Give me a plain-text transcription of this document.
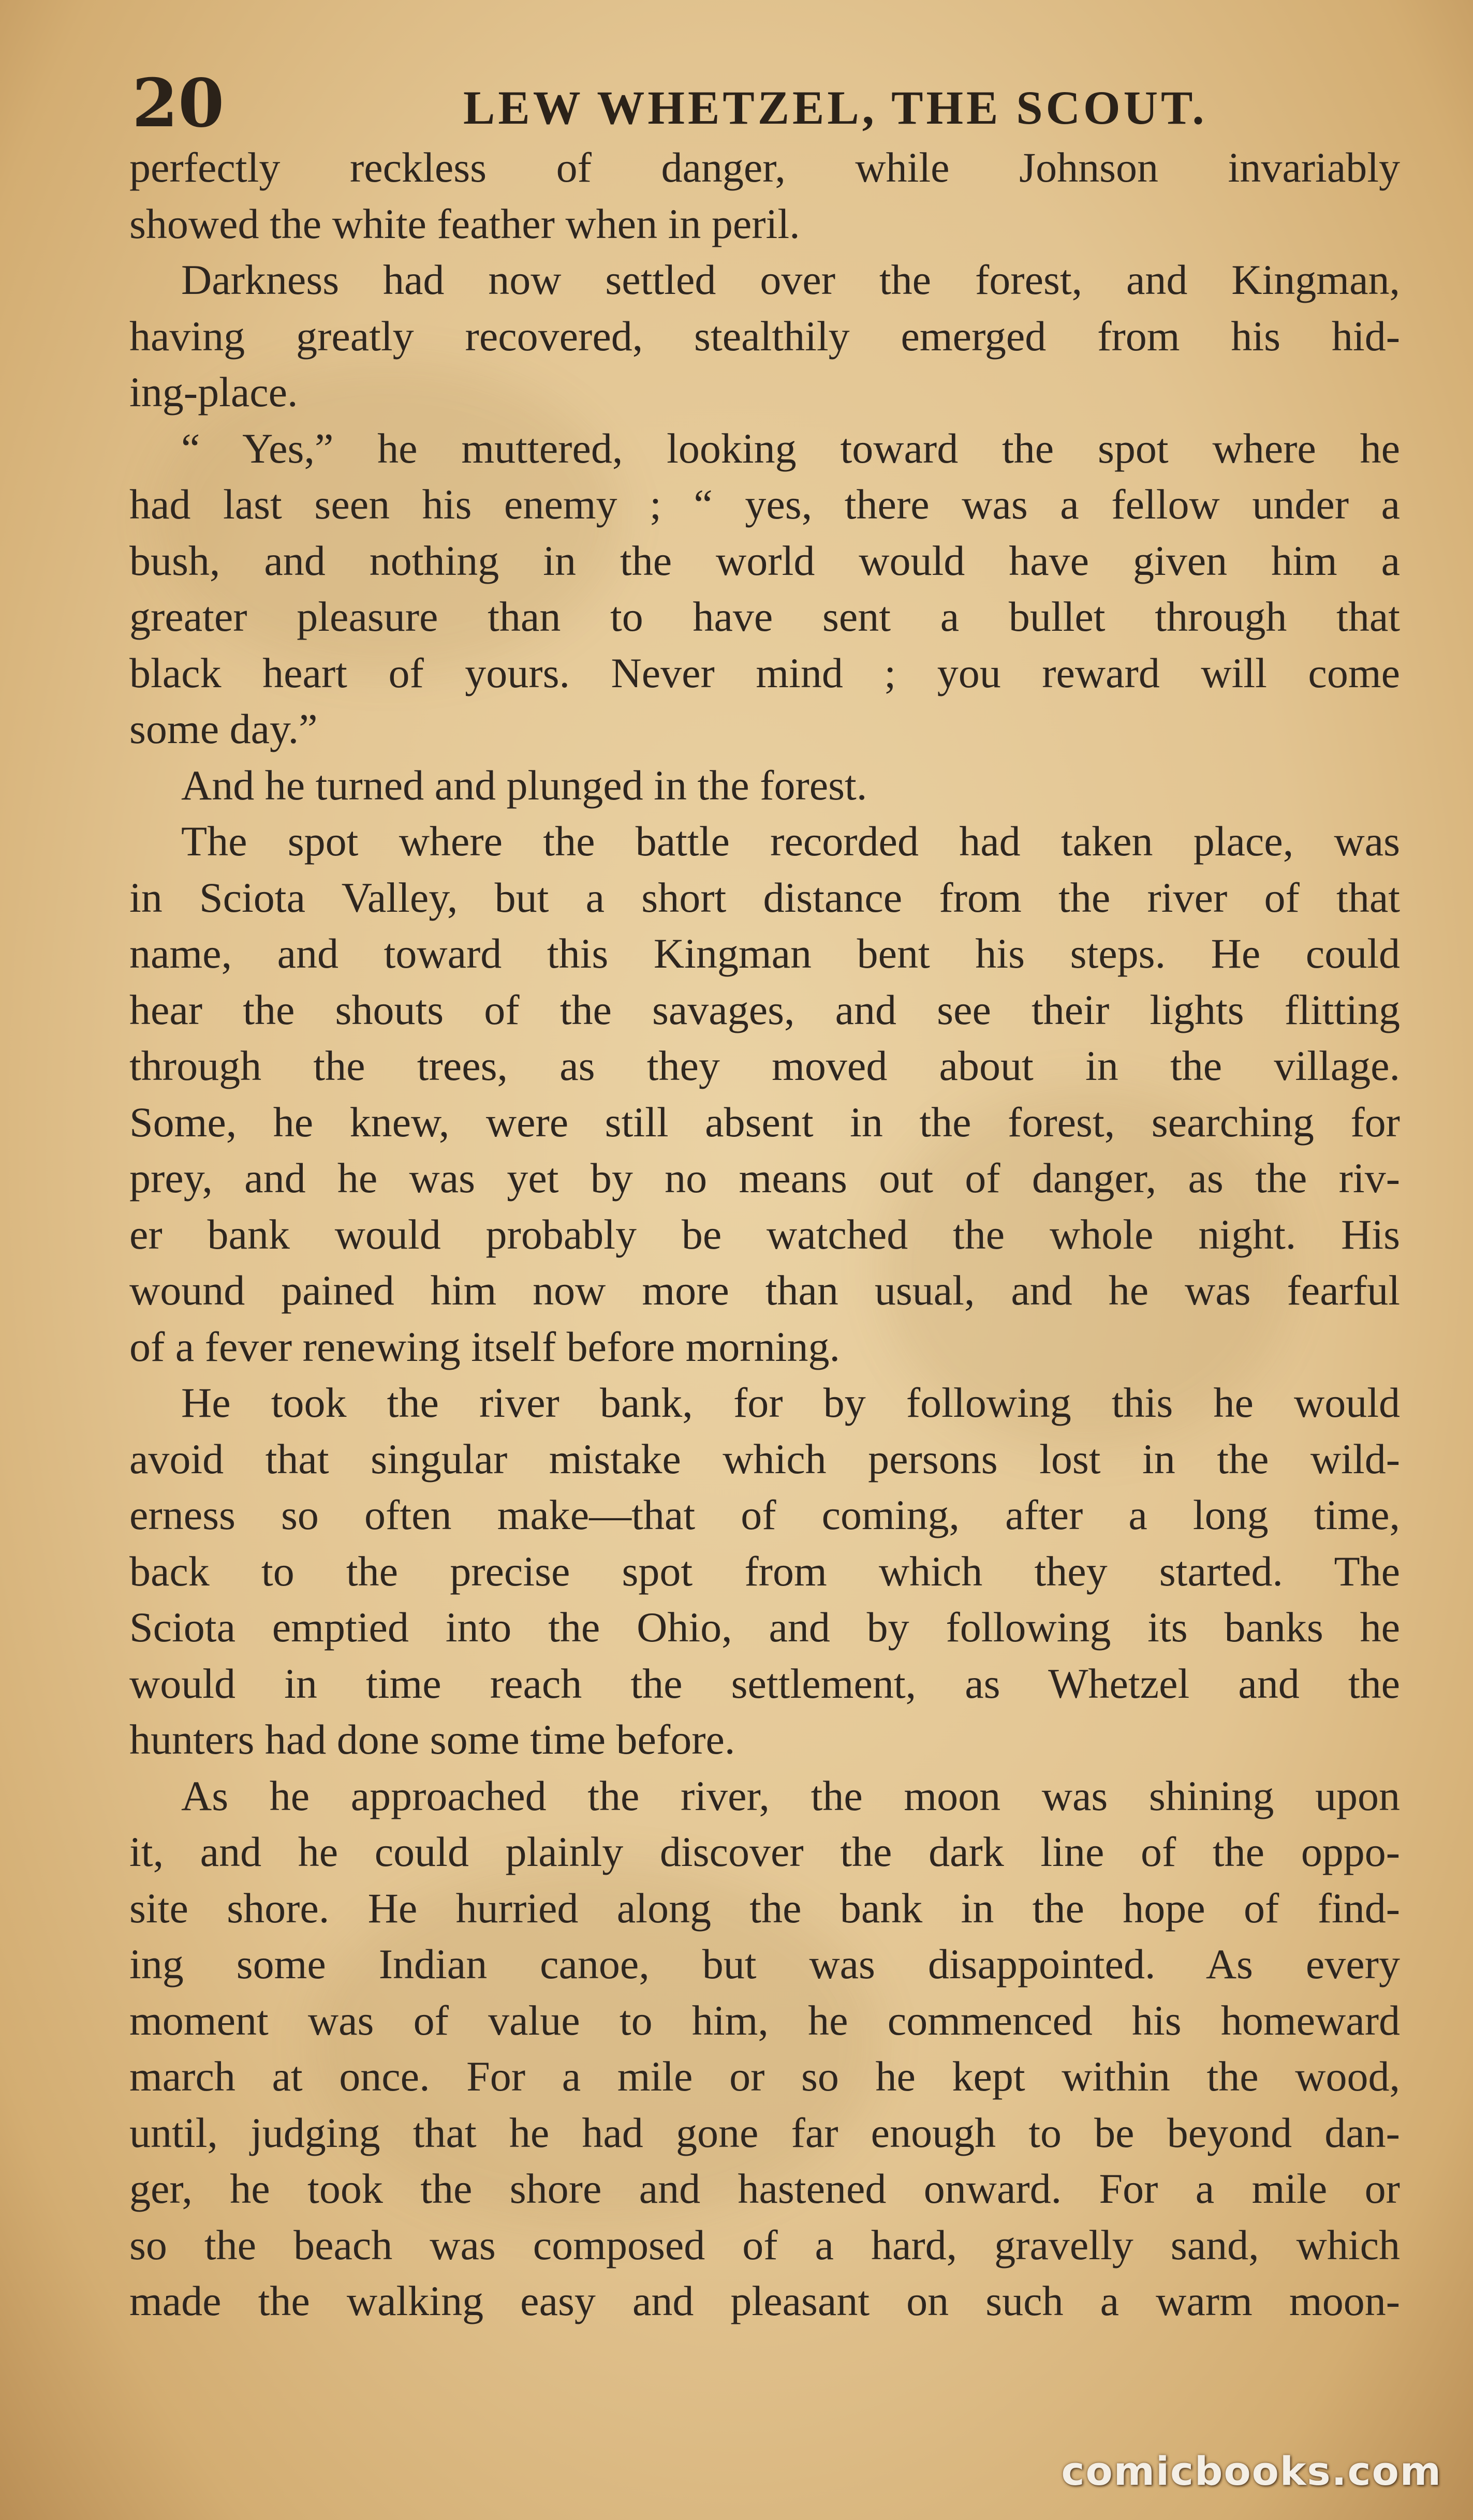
20	LEW WHETZEL, THE SCOUT.
perfectly reckless of danger, while Johnson invariably
showed the white feather when in peril.
Darkness had now settled over the forest, and Kingman,
having greatly recovered, stealthily emerged from his hid-
ing-place.
“ Yes,” he muttered, looking toward the spot where he
had last seen his enemy ; “ yes, there was a fellow under a
bush, and nothing in the world would have given him a
greater pleasure than to have sent a bullet through that
black heart of yours. Never mind ; you reward will come
some day.”
And he turned and plunged in the forest.
The spot where the battle recorded had taken place, was
in Sciota Valley, but a short distance from the river of that
name, and toward this Kingman bent his steps. He could
hear the shouts of the savages, and see their lights flitting
through the trees, as they moved about in the village.
Some, he knew, were still absent in the forest, searching for
prey, and he was yet by no means out of danger, as the riv-
er bank would probably be watched the whole night. His
wound pained him now more than usual, and he was fearful
of a fever renewing itself before morning.
He took the river bank, for by following this he would
avoid that singular mistake which persons lost in the wild-
erness so often make—that of coming, after a long time,
back to the precise spot from which they started. The
Sciota emptied into the Ohio, and by following its banks he
would in time reach the settlement, as Whetzel and the
hunters had done some time before.
As he approached the river, the moon was shining upon
it, and he could plainly discover the dark line of the oppo-
site shore. He hurried along the bank in the hope of find-
ing some Indian canoe, but was disappointed. As every
moment was of value to him, he commenced his homeward
march at once. For a mile or so he kept within the wood,
until, judging that he had gone far enough to be beyond dan-
ger, he took the shore and hastened onward. For a mile or
so the beach was composed of a hard, gravelly sand, which
made the walking easy and pleasant on such a warm moon-
comicbooks.com
